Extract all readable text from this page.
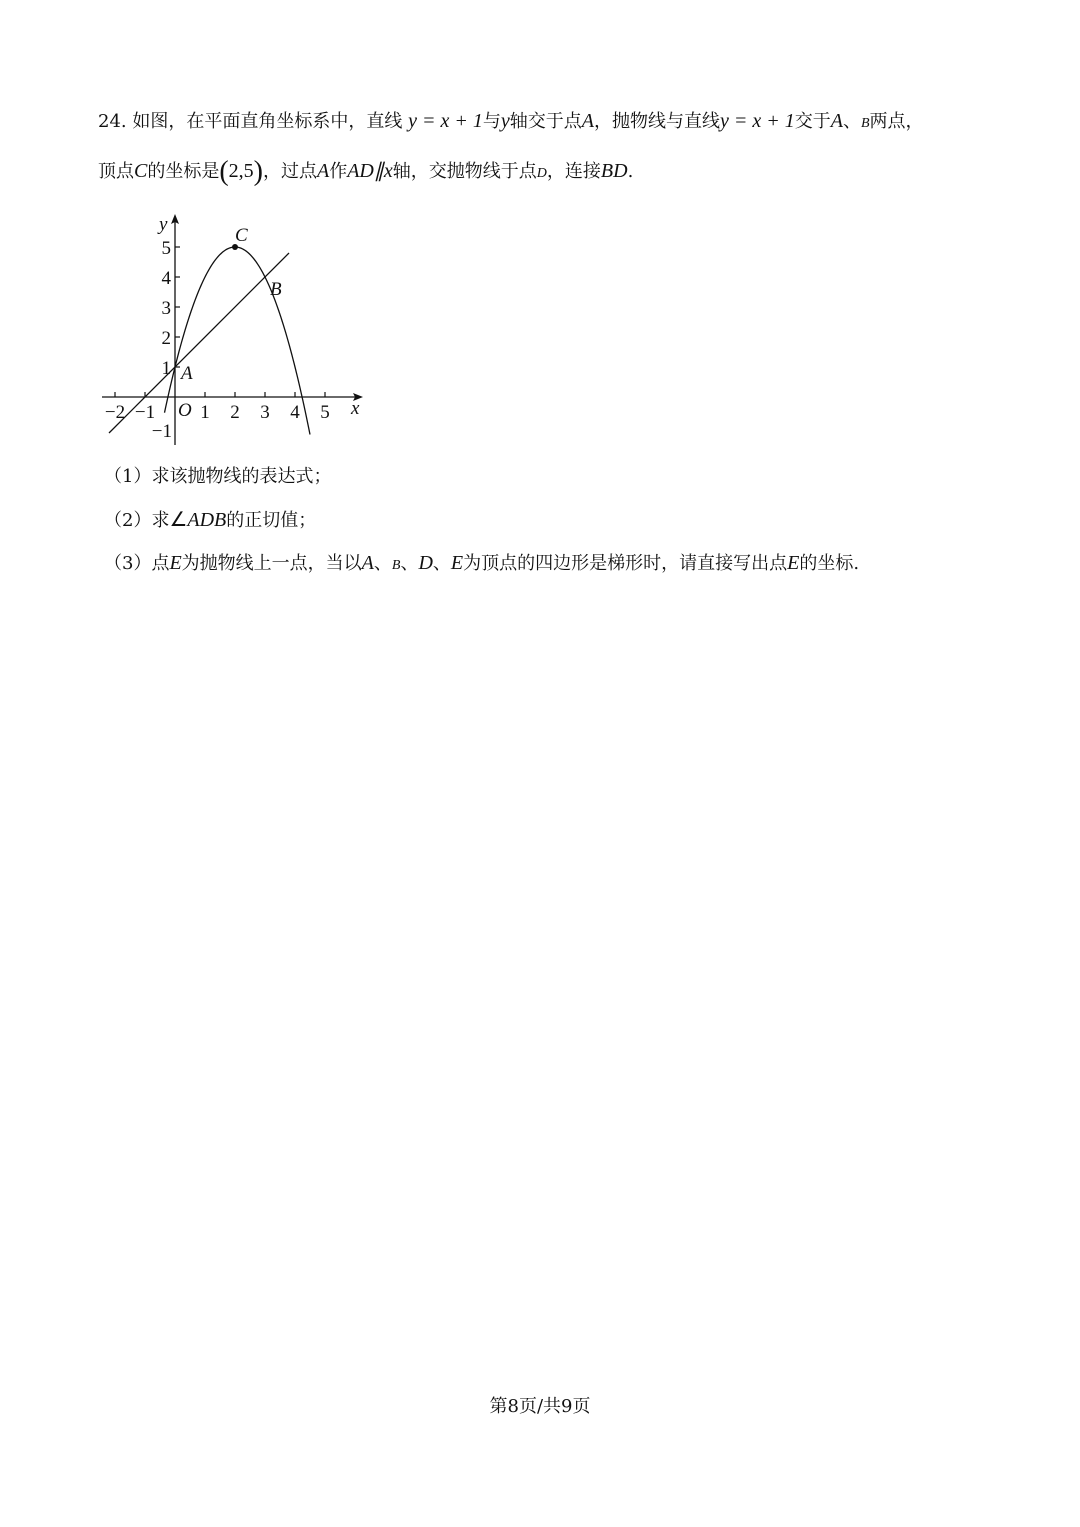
24. 如图，在平面直角坐标系中，直线 y = x + 1与y轴交于点A，抛物线与直线y = x + 1交于A、B两点，
顶点C的坐标是(2,5)，过点A作AD∥x轴，交抛物线于点D，连接BD.
−2 −1 1 2 3 4 5
1
2
3
4
5
−1
A
B
C
x
y
O
（1）求该抛物线的表达式；
（2）求∠ADB的正切值；
（3）点E为抛物线上一点，当以A、B、D、E为顶点的四边形是梯形时，请直接写出点E的坐标.
第8页/共9页
